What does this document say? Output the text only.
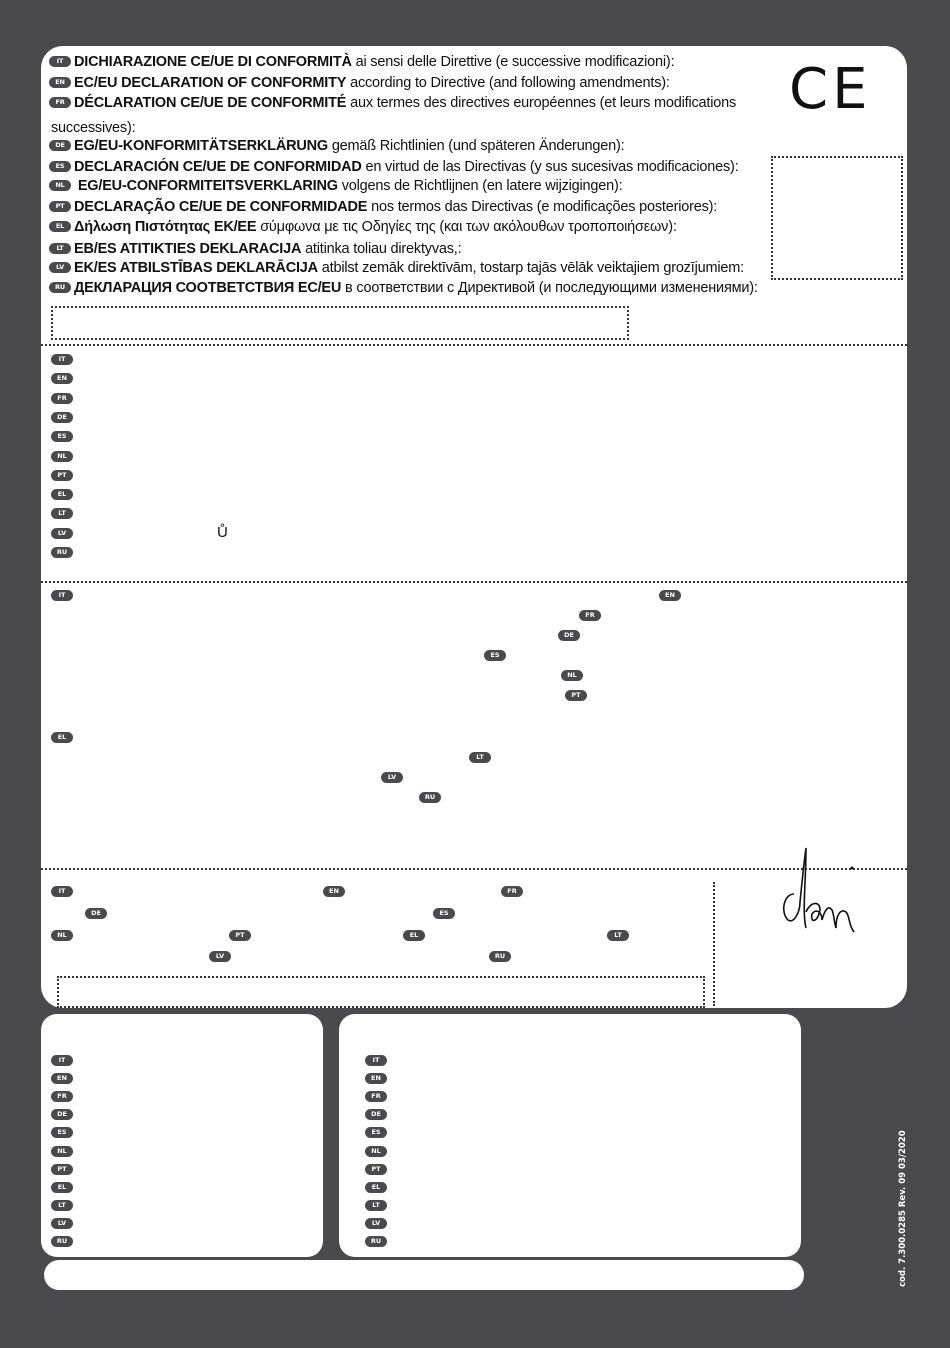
CE
IT DICHIARAZIONE CE/UE DI CONFORMITÀ ai sensi delle Direttive (e successive modificazioni):
EN EC/EU DECLARATION OF CONFORMITY according to Directive (and following amendments):
FR DÉCLARATION CE/UE DE CONFORMITÉ aux termes des directives européennes (et leurs modifications
successives):
DE EG/EU-KONFORMITÄTSERKLÄRUNG gemäß Richtlinien (und späteren Änderungen):
ES DECLARACIÓN CE/UE DE CONFORMIDAD en virtud de las Directivas (y sus sucesivas modificaciones):
NL EG/EU-CONFORMITEITSVERKLARING volgens de Richtlijnen (en latere wijzigingen):
PT DECLARAÇÃO CE/UE DE CONFORMIDADE nos termos das Directivas (e modificações posteriores):
EL Δήλωση Πιστότητας ΕΚ/ΕΕ σύμφωνα με τις Οδηγίες της (και των ακόλουθων τροποποιήσεων):
LT EB/ES ATITIKTIES DEKLARACIJA atitinka toliau direktyvas,:
LV EK/ES ATBILSTĪBAS DEKLARĀCIJA atbilst zemāk direktīvām, tostarp tajās vēlāk veiktajiem grozījumiem:
RU ДЕКЛАРАЦИЯ СООТВЕТСТВИЯ ЕС/EU в соответствии с Директивой (и последующими изменениями):
IT
EN
FR
DE
ES
NL
PT
EL
LT
LV
RU
Ů
IT	EN
FR
DE
ES
NL
PT
EL
LT
LV
RU
IT	EN	FR
DE	ES
NL	PT	EL	LT
LV	RU
IT
EN
FR
DE
ES
NL
PT
EL
LT
LV
RU
IT
EN
FR
DE
ES
NL
PT
EL
LT
LV
RU	cod. 7.300.0285 Rev. 09 03/2020
